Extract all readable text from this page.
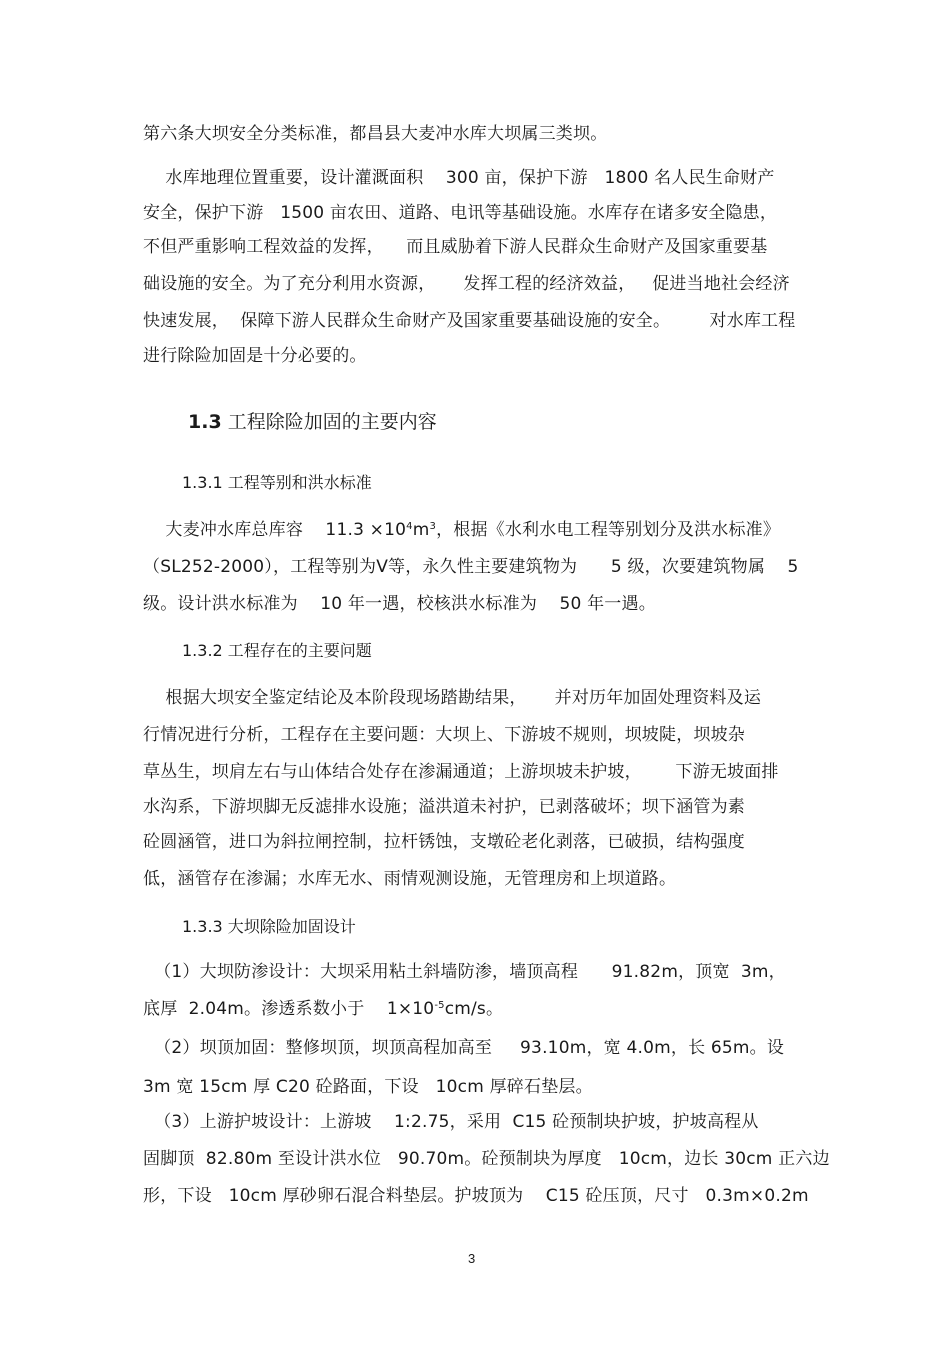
第六条大坝安全分类标准，都昌县大麦冲水库大坝属三类坝。
水库地理位置重要，设计灌溉面积    300 亩，保护下游   1800 名人民生命财产
安全，保护下游   1500 亩农田、道路、电讯等基础设施。水库存在诸多安全隐患，
不但严重影响工程效益的发挥，    而且威胁着下游人民群众生命财产及国家重要基
础设施的安全。为了充分利用水资源，     发挥工程的经济效益，   促进当地社会经济
快速发展，  保障下游人民群众生命财产及国家重要基础设施的安全。       对水库工程
进行除险加固是十分必要的。
1.3 工程除险加固的主要内容
1.3.1 工程等别和洪水标准
大麦冲水库总库容    $11.3 \times 10^4m^3$，根据《水利水电工程等别划分及洪水标准》
（SL252-2000），工程等别为Ⅴ等，永久性主要建筑物为      5 级，次要建筑物属    5
级。设计洪水标准为    10 年一遇，校核洪水标准为    50 年一遇。
1.3.2 工程存在的主要问题
根据大坝安全鉴定结论及本阶段现场踏勘结果，     并对历年加固处理资料及运
行情况进行分析，工程存在主要问题：大坝上、下游坡不规则，坝坡陡，坝坡杂
草丛生，坝肩左右与山体结合处存在渗漏通道；上游坝坡未护坡，      下游无坡面排
水沟系，下游坝脚无反滤排水设施；溢洪道未衬护，已剥落破坏；坝下涵管为素
砼圆涵管，进口为斜拉闸控制，拉杆锈蚀，支墩砼老化剥落，已破损，结构强度
低，涵管存在渗漏；水库无水、雨情观测设施，无管理房和上坝道路。
1.3.3 大坝除险加固设计
（1）大坝防渗设计：大坝采用粘土斜墙防渗，墙顶高程      91.82m，顶宽  3m，
底厚  2.04m。渗透系数小于    $1\times 10^{-5}cm/s$。
（2）坝顶加固：整修坝顶，坝顶高程加高至     93.10m，宽 4.0m，长 65m。设
3m 宽 15cm 厚 C20 砼路面，下设   10cm 厚碎石垫层。
（3）上游护坡设计：上游坡    1:2.75，采用  C15 砼预制块护坡，护坡高程从
固脚顶  82.80m 至设计洪水位   90.70m。砼预制块为厚度   10cm，边长 30cm 正六边
形，下设   10cm 厚砂卵石混合料垫层。护坡顶为    C15 砼压顶，尺寸   0.3m×0.2m
3
